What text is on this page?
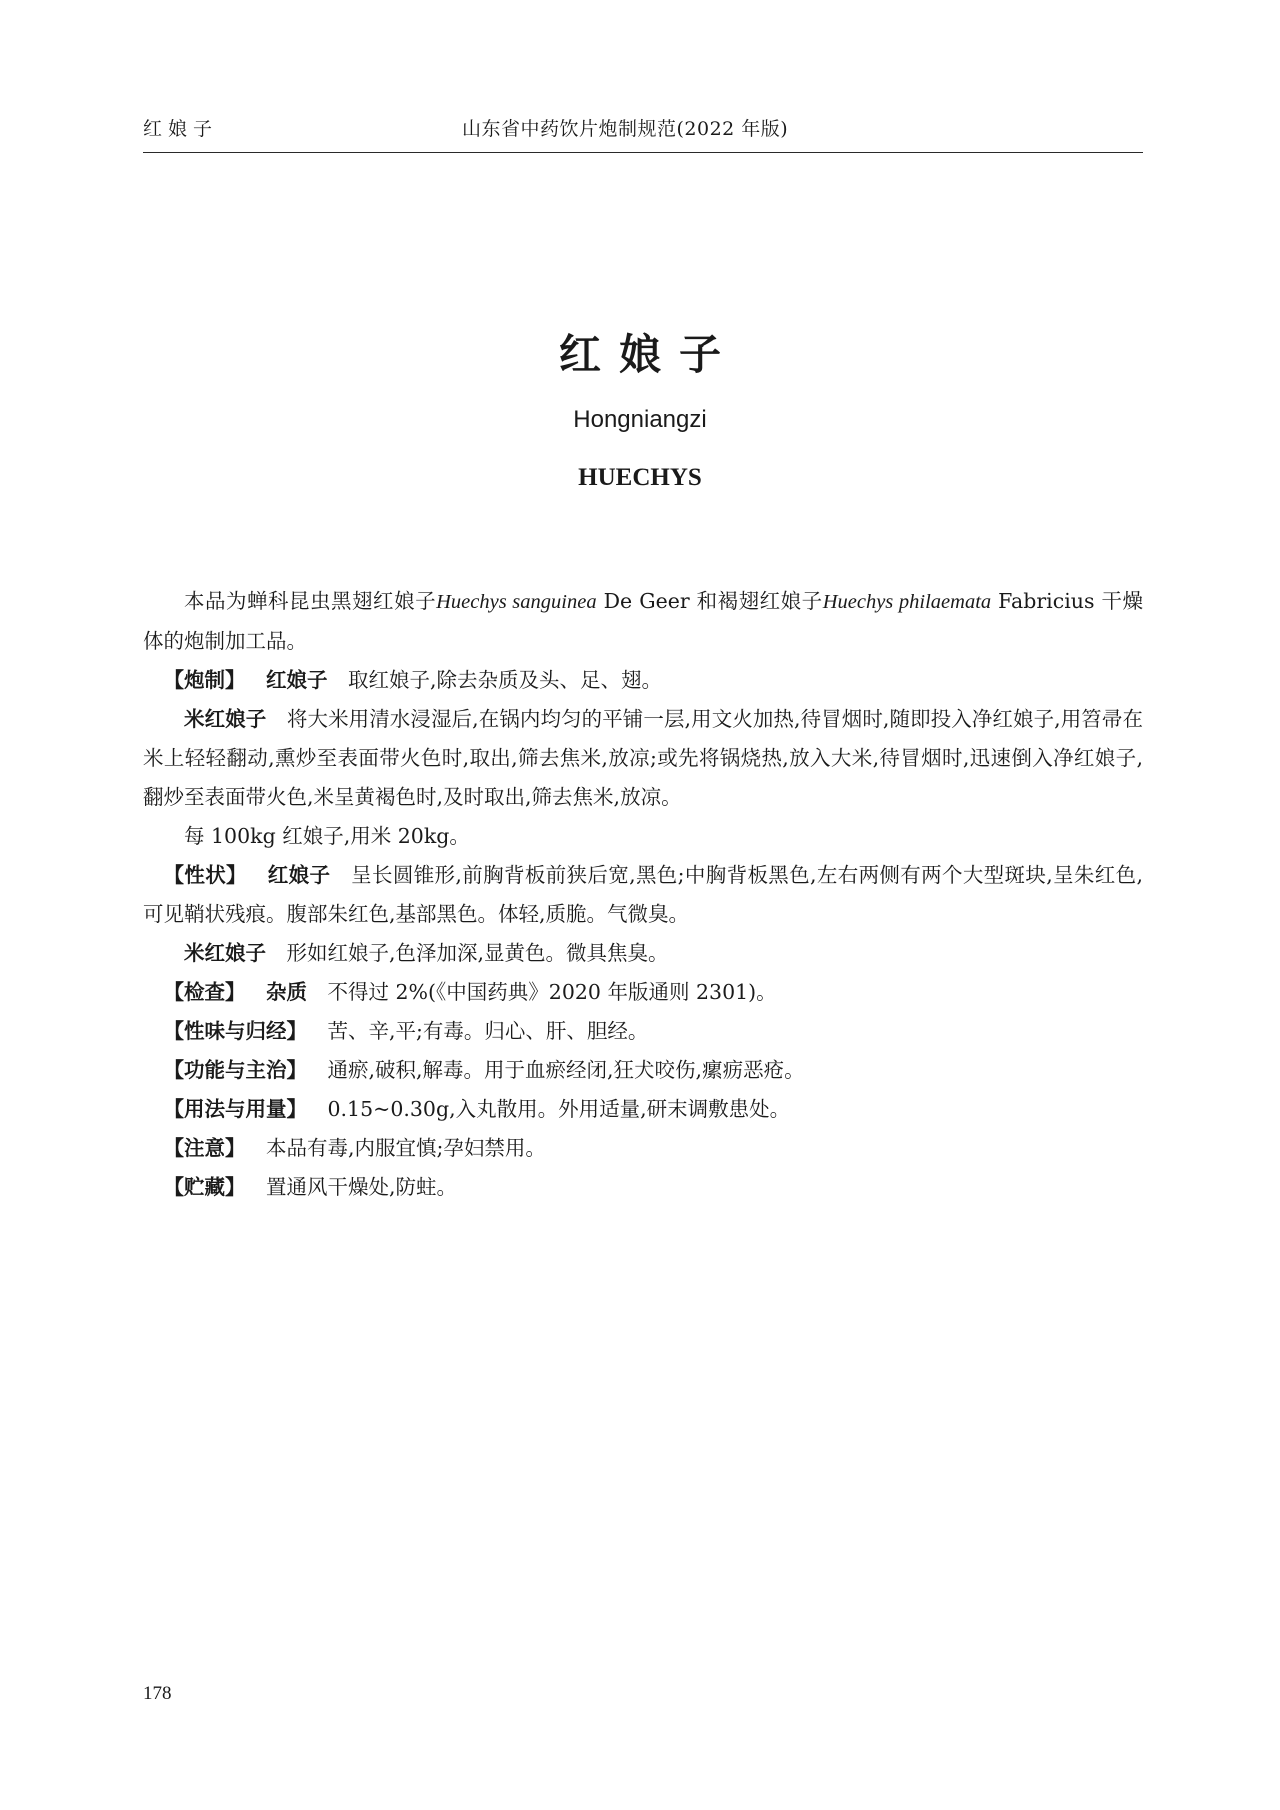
红娘子	山东省中药饮片炮制规范(2022 年版)
红娘子
Hongniangzi
HUECHYS

本品为蝉科昆虫黑翅红娘子Huechys sanguinea De Geer 和褐翅红娘子Huechys philaemata Fabricius 干燥体的炮制加工品。

【炮制】 红娘子 取红娘子,除去杂质及头、足、翅。

米红娘子 将大米用清水浸湿后,在锅内均匀的平铺一层,用文火加热,待冒烟时,随即投入净红娘子,用笤帚在米上轻轻翻动,熏炒至表面带火色时,取出,筛去焦米,放凉;或先将锅烧热,放入大米,待冒烟时,迅速倒入净红娘子,翻炒至表面带火色,米呈黄褐色时,及时取出,筛去焦米,放凉。

每 100kg 红娘子,用米 20kg。

【性状】 红娘子 呈长圆锥形,前胸背板前狭后宽,黑色;中胸背板黑色,左右两侧有两个大型斑块,呈朱红色,可见鞘状残痕。腹部朱红色,基部黑色。体轻,质脆。气微臭。

米红娘子 形如红娘子,色泽加深,显黄色。微具焦臭。

【检查】 杂质 不得过 2%(《中国药典》2020 年版通则 2301)。

【性味与归经】 苦、辛,平;有毒。归心、肝、胆经。

【功能与主治】 通瘀,破积,解毒。用于血瘀经闭,狂犬咬伤,瘰疬恶疮。

【用法与用量】 0.15~0.30g,入丸散用。外用适量,研末调敷患处。

【注意】 本品有毒,内服宜慎;孕妇禁用。

【贮藏】 置通风干燥处,防蛀。

178
